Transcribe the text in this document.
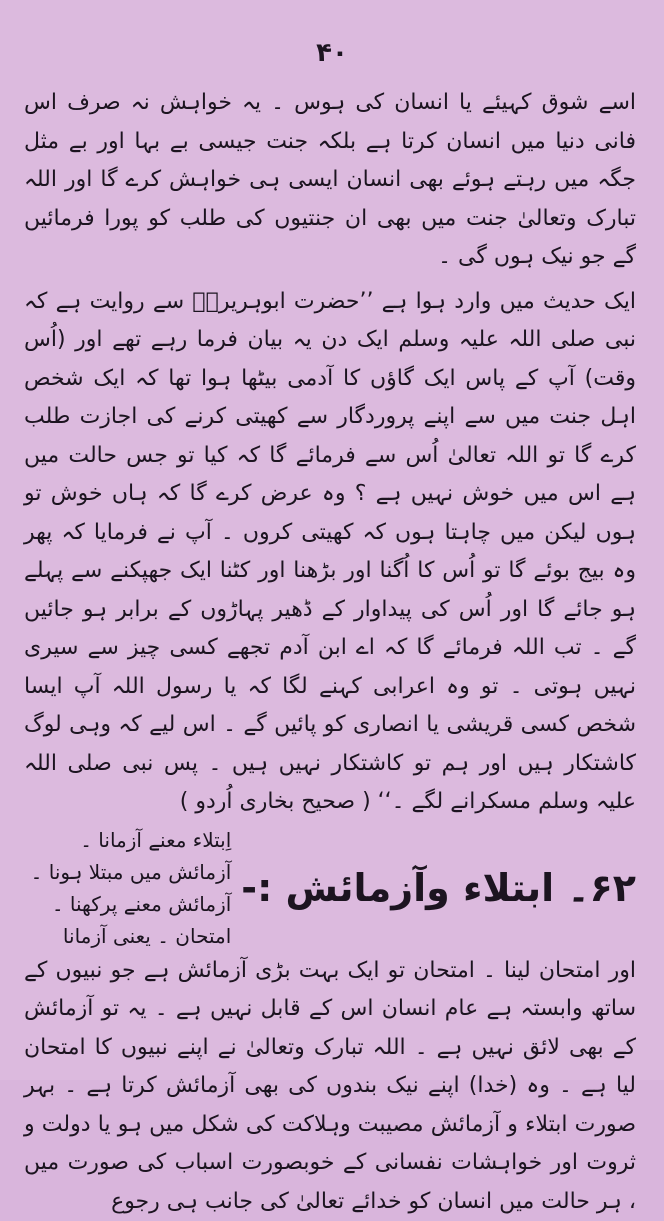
۴۰

اسے شوق کہیئے یا انسان کی ہوس ۔ یہ خواہش نہ صرف اس فانی دنیا میں انسان کرتا ہے بلکہ جنت جیسی بے بہا اور بے مثل جگہ میں رہتے ہوئے بھی انسان ایسی ہی خواہش کرے گا اور اللہ تبارک وتعالیٰ جنت میں بھی ان جنتیوں کی طلب کو پورا فرمائیں گے جو نیک ہوں گی ۔

ایک حدیث میں وارد ہوا ہے ’’حضرت ابوہریرہؓ سے روایت ہے کہ نبی صلی اللہ علیہ وسلم ایک دن یہ بیان فرما رہے تھے اور (اُس وقت) آپ کے پاس ایک گاؤں کا آدمی بیٹھا ہوا تھا کہ ایک شخص اہل جنت میں سے اپنے پروردگار سے کھیتی کرنے کی اجازت طلب کرے گا تو اللہ تعالیٰ اُس سے فرمائے گا کہ کیا تو جس حالت میں ہے اس میں خوش نہیں ہے ؟ وہ عرض کرے گا کہ ہاں خوش تو ہوں لیکن میں چاہتا ہوں کہ کھیتی کروں ۔ آپ نے فرمایا کہ پھر وہ بیج بوئے گا تو اُس کا اُگنا اور بڑھنا اور کٹنا ایک جھپکنے سے پہلے ہو جائے گا اور اُس کی پیداوار کے ڈھیر پہاڑوں کے برابر ہو جائیں گے ۔ تب اللہ فرمائے گا کہ اے ابن آدم تجھے کسی چیز سے سیری نہیں ہوتی ۔ تو وہ اعرابی کہنے لگا کہ یا رسول اللہ آپ ایسا شخص کسی قریشی یا انصاری کو پائیں گے ۔ اس لیے کہ وہی لوگ کاشتکار ہیں اور ہم تو کاشتکار نہیں ہیں ۔ پس نبی صلی اللہ علیہ وسلم مسکرانے لگے ۔‘‘ ( صحیح بخاری اُردو )

۶۲۔ ابتلاء وآزمائش :-
اِبتلاء معنے آزمانا ۔ آزمائش میں مبتلا ہونا ۔
آزمائش معنے پرکھنا ۔ امتحان ۔ یعنی آزمانا

اور امتحان لینا ۔ امتحان تو ایک بہت بڑی آزمائش ہے جو نبیوں کے ساتھ وابستہ ہے عام انسان اس کے قابل نہیں ہے ۔ یہ تو آزمائش کے بھی لائق نہیں ہے ۔ اللہ تبارک وتعالیٰ نے اپنے نبیوں کا امتحان لیا ہے ۔ وہ (خدا) اپنے نیک بندوں کی بھی آزمائش کرتا ہے ۔ بہر صورت ابتلاء و آزمائش مصیبت وہلاکت کی شکل میں ہو یا دولت و ثروت اور خواہشات نفسانی کے خوبصورت اسباب کی صورت میں ، ہر حالت میں انسان کو خدائے تعالیٰ کی جانب ہی رجوع
